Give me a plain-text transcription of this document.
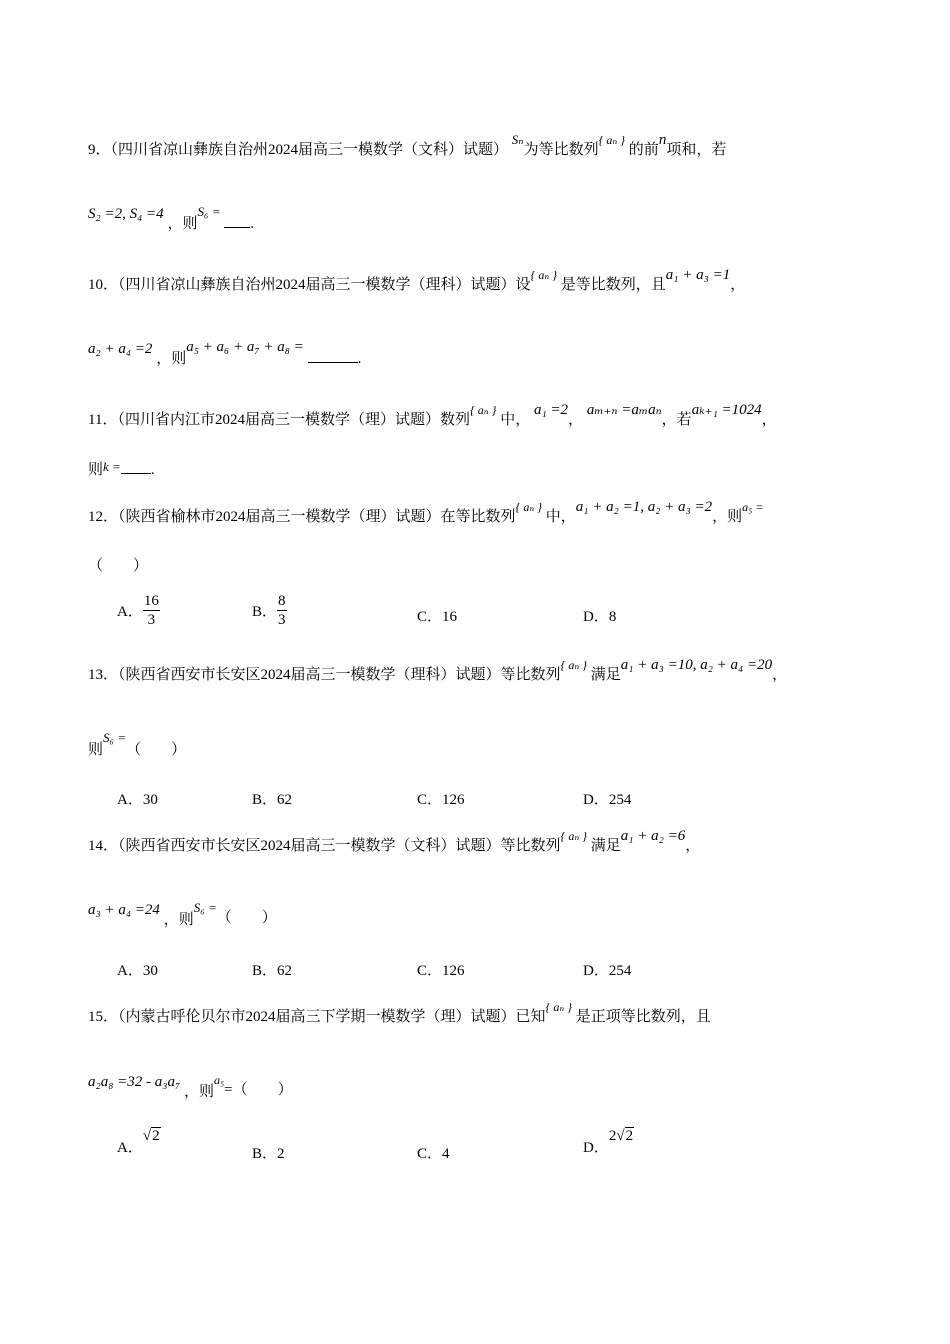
9．（四川省凉山彝族自治州2024届高三一模数学（文科）试题） Sₙ为等比数列$^{\{ a_n \}}$ 的前n项和，若
S₂ =2, S₄ =4 ，则S₆ = .
10．（四川省凉山彝族自治州2024届高三一模数学（理科）试题）设$^{\{ a_n \}}$ 是等比数列，且a₁ + a₃ =1，
a₂ + a₄ =2 ，则a₅ + a₆ + a₇ + a₈ = .
11．（四川省内江市2024届高三一模数学（理）试题）数列$^{\{ a_n \}}$ 中， a₁ =2， aₘ₊ₙ =aₘaₙ，若aₖ₊₁ =1024，
则k = .
12．（陕西省榆林市2024届高三一模数学（理）试题）在等比数列$^{\{ a_n \}}$ 中，a₁ + a₂ =1, a₂ + a₃ =2，则$^{a_5 =}$
（　　）
A． $\frac{16}{3}$	B． $\frac{8}{3}$	C．16	D．8
13．（陕西省西安市长安区2024届高三一模数学（理科）试题）等比数列$^{\{ a_n \}}$ 满足a₁ + a₃ =10, a₂ + a₄ =20，
则S₆ =（　　）
A．30	B．62	C．126	D．254
14．（陕西省西安市长安区2024届高三一模数学（文科）试题）等比数列$^{\{ a_n \}}$ 满足a₁ + a₂ =6，
a₃ + a₄ =24 ，则S₆ =（　　）
A．30	B．62	C．126	D．254
15．（内蒙古呼伦贝尔市2024届高三下学期一模数学（理）试题）已知$^{\{ a_n \}}$ 是正项等比数列，且
a₂a₈ =32 - a₃a₇ ，则a₅=（　　）
A．√2
B．2	C．4	D．2√2
